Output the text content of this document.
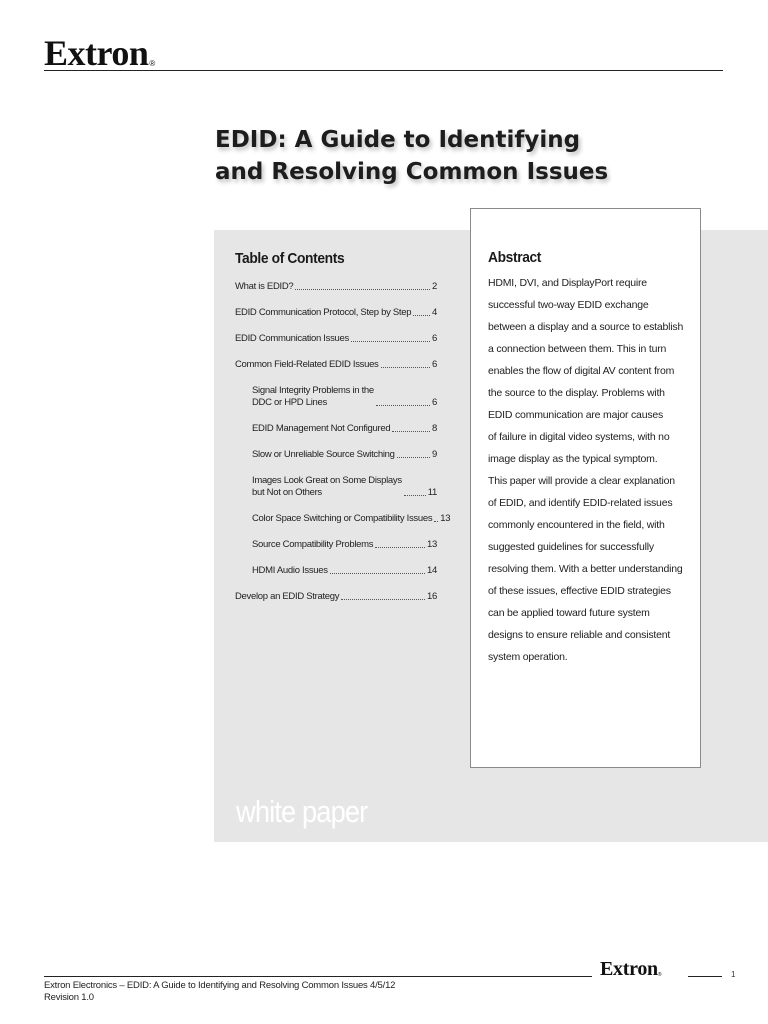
Extron®
EDID: A Guide to Identifying
and Resolving Common Issues
Table of Contents
What is EDID?	2
EDID Communication Protocol, Step by Step 4
EDID Communication Issues	6
Common Field-Related EDID Issues	6
Signal Integrity Problems in the
DDC or HPD Lines	6
EDID Management Not Configured	8
Slow or Unreliable Source Switching	9
Images Look Great on Some Displays
but Not on Others	11
Color Space Switching or Compatibility Issues 13
Source Compatibility Problems	13
HDMI Audio Issues	14
Develop an EDID Strategy	16
Abstract
HDMI, DVI, and DisplayPort require
successful two-way EDID exchange
between a display and a source to establish
a connection between them. This in turn
enables the flow of digital AV content from
the source to the display. Problems with
EDID communication are major causes
of failure in digital video systems, with no
image display as the typical symptom.
This paper will provide a clear explanation
of EDID, and identify EDID-related issues
commonly encountered in the field, with
suggested guidelines for successfully
resolving them. With a better understanding
of these issues, effective EDID strategies
can be applied toward future system
designs to ensure reliable and consistent
system operation.
white paper
Extron®	1
Extron Electronics – EDID: A Guide to Identifying and Resolving Common Issues 4/5/12
Revision 1.0
